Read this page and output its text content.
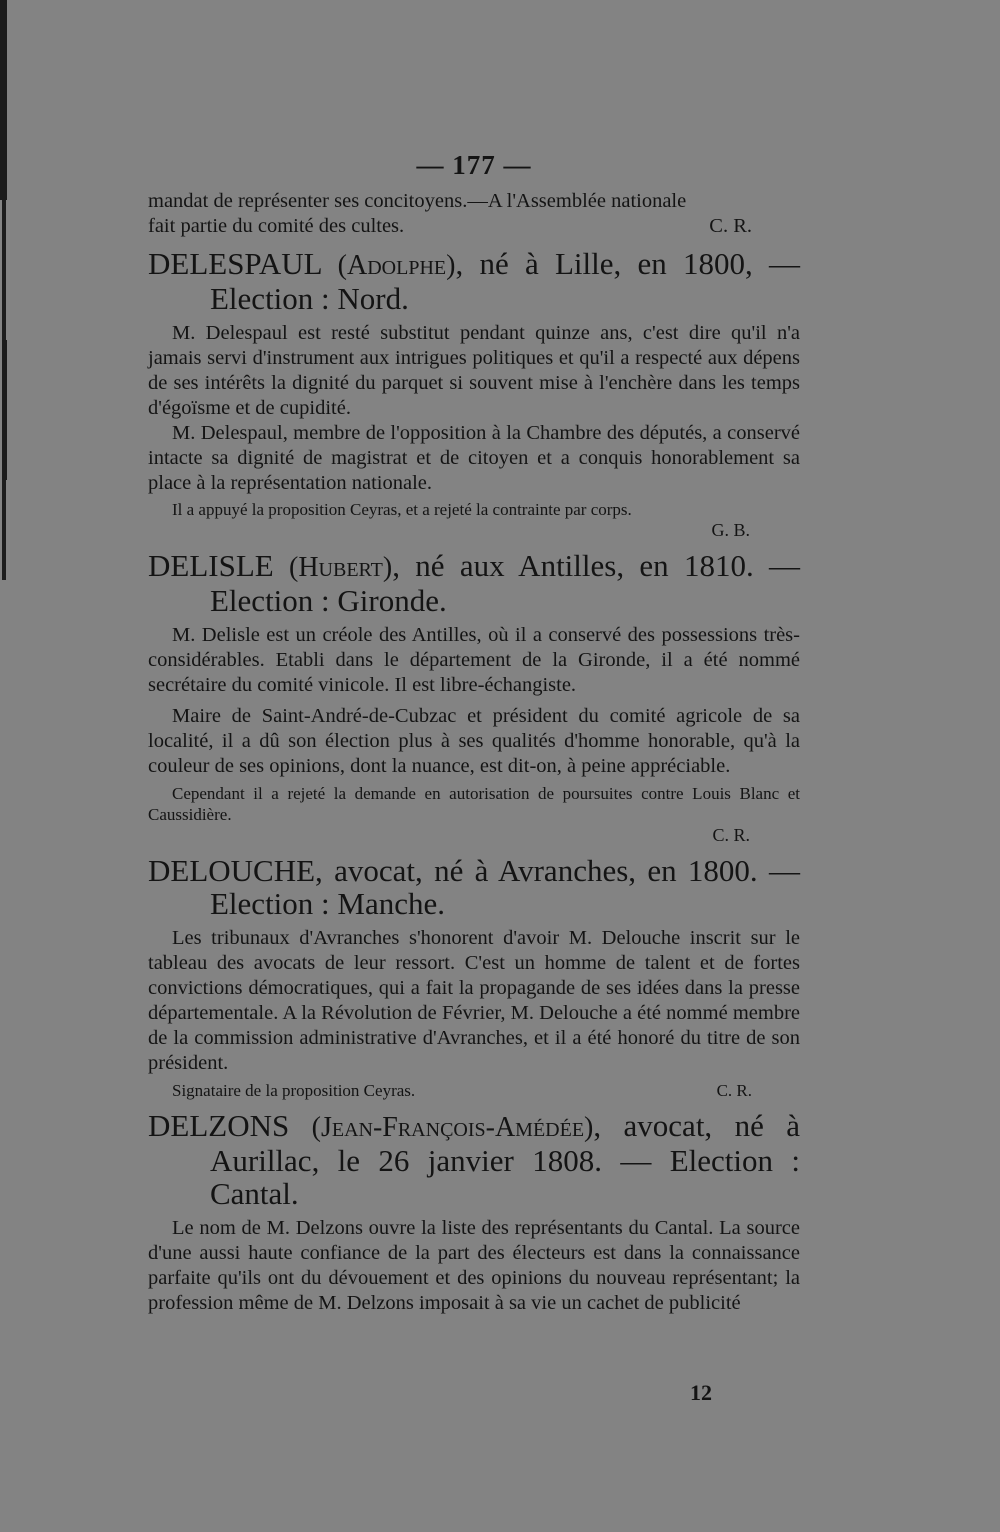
— 177 —

mandat de représenter ses concitoyens.—A l'Assemblée nationale

fait partie du comité des cultes.	C. R.

DELESPAUL (Adolphe), né à Lille, en 1800, — Election : Nord.

M. Delespaul est resté substitut pendant quinze ans, c'est dire qu'il n'a jamais servi d'instrument aux intrigues politiques et qu'il a respecté aux dépens de ses intérêts la dignité du parquet si souvent mise à l'enchère dans les temps d'égoïsme et de cupidité.

M. Delespaul, membre de l'opposition à la Chambre des députés, a conservé intacte sa dignité de magistrat et de citoyen et a conquis honorablement sa place à la représentation nationale.

Il a appuyé la proposition Ceyras, et a rejeté la contrainte par corps.

G. B.

DELISLE (Hubert), né aux Antilles, en 1810. — Election : Gironde.

M. Delisle est un créole des Antilles, où il a conservé des possessions très-considérables. Etabli dans le département de la Gironde, il a été nommé secrétaire du comité vinicole. Il est libre-échangiste.

Maire de Saint-André-de-Cubzac et président du comité agricole de sa localité, il a dû son élection plus à ses qualités d'homme honorable, qu'à la couleur de ses opinions, dont la nuance, est dit-on, à peine appréciable.

Cependant il a rejeté la demande en autorisation de poursuites contre Louis Blanc et Caussidière.

C. R.

DELOUCHE, avocat, né à Avranches, en 1800. — Election : Manche.

Les tribunaux d'Avranches s'honorent d'avoir M. Delouche inscrit sur le tableau des avocats de leur ressort. C'est un homme de talent et de fortes convictions démocratiques, qui a fait la propagande de ses idées dans la presse départementale. A la Révolution de Février, M. Delouche a été nommé membre de la commission administrative d'Avranches, et il a été honoré du titre de son président.

Signataire de la proposition Ceyras.	C. R.

DELZONS (Jean-François-Amédée), avocat, né à Aurillac, le 26 janvier 1808. — Election : Cantal.

Le nom de M. Delzons ouvre la liste des représentants du Cantal. La source d'une aussi haute confiance de la part des électeurs est dans la connaissance parfaite qu'ils ont du dévouement et des opinions du nouveau représentant; la profession même de M. Delzons imposait à sa vie un cachet de publicité

12
